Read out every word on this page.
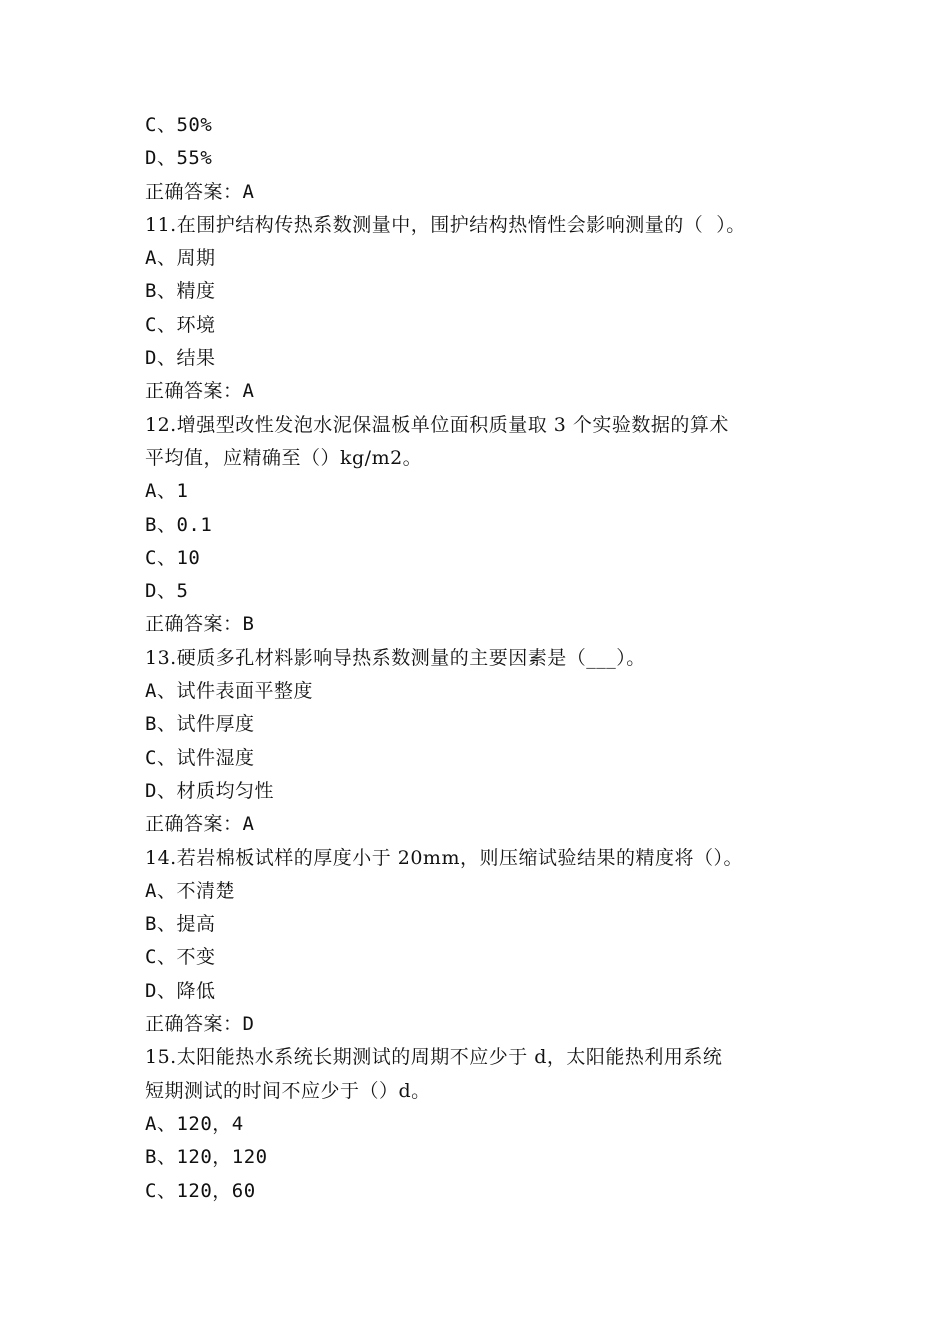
C、50%
D、55%
正确答案：A
11.在围护结构传热系数测量中，围护结构热惰性会影响测量的（  ）。
A、周期
B、精度
C、环境
D、结果
正确答案：A
12.增强型改性发泡水泥保温板单位面积质量取 3 个实验数据的算术
平均值，应精确至（）kg/m2。
A、1
B、0.1
C、10
D、5
正确答案：B
13.硬质多孔材料影响导热系数测量的主要因素是（___）。
A、试件表面平整度
B、试件厚度
C、试件湿度
D、材质均匀性
正确答案：A
14.若岩棉板试样的厚度小于 20mm，则压缩试验结果的精度将（）。
A、不清楚
B、提高
C、不变
D、降低
正确答案：D
15.太阳能热水系统长期测试的周期不应少于 d，太阳能热利用系统
短期测试的时间不应少于（）d。
A、120，4
B、120，120
C、120，60
